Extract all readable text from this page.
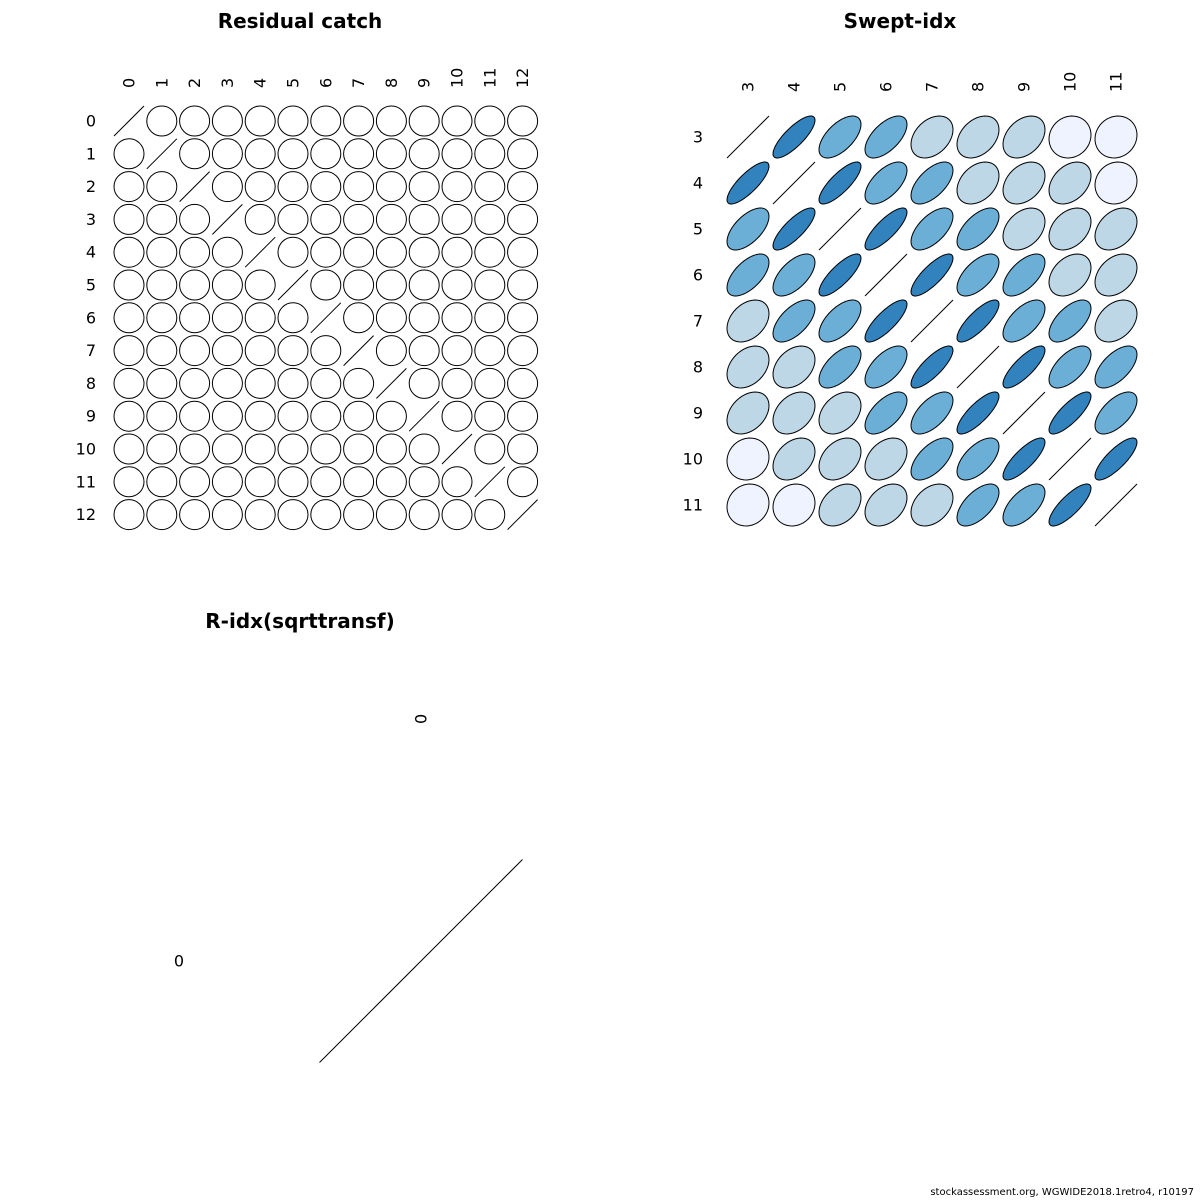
Residual catch
0 1 2 3 4 5 6 7 8 9 10 11 12
0
1
2
3
4
5
6
7
8
9
10
11
12
Swept-idx
3 4 5 6 7 8 9 10 11
3
4
5
6
7
8
9
10
11
R-idx(sqrttransf)
0
0
stockassessment.org, WGWIDE2018.1retro4, r10197
